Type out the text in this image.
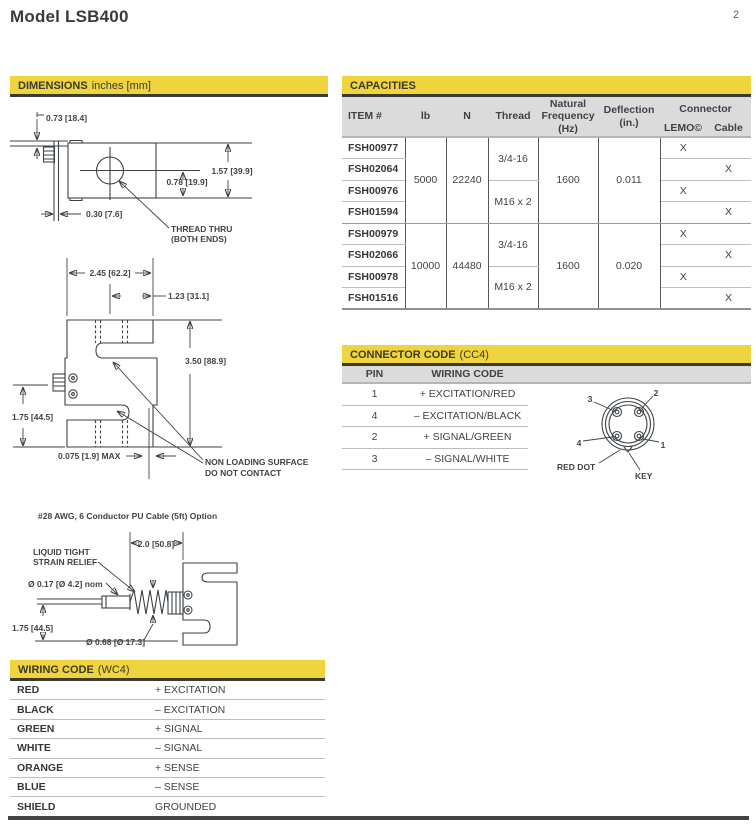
Model LSB400	2
DIMENSIONS inches [mm]
0.73 [18.4]
1.57 [39.9]
0.78 [19.9]
0.30 [7.6]
THREAD THRU
(BOTH ENDS)
2.45 [62.2]
1.23 [31.1]
3.50 [88.9]
1.75 [44.5]
0.075 [1.9] MAX
NON LOADING SURFACE
DO NOT CONTACT
#28 AWG, 6 Conductor PU Cable (5ft) Option
LIQUID TIGHT
STRAIN RELIEF
Ø 0.17 [Ø 4.2] nom
2.0 [50.8]
1.75 [44.5]
Ø 0.68 [Ø 17.3]
CAPACITIES
ITEM #	lb	N	Thread	Natural Frequency (Hz)	Deflection (in.)	Connector	
						LEMO©	Cable
FSH00977	5000	22240	3/4-16	1600	0.011	X	
FSH02064							X
FSH00976			M16 x 2			X	
FSH01594							X
FSH00979	10000	44480	3/4-16	1600	0.020	X	
FSH02066							X
FSH00978			M16 x 2			X	
FSH01516							X
CONNECTOR CODE (CC4)
PIN	WIRING CODE
1	+ EXCITATION/RED
4	– EXCITATION/BLACK
2	+ SIGNAL/GREEN
3	– SIGNAL/WHITE
3
2
4	1
RED DOT
KEY
WIRING CODE (WC4)
RED	+ EXCITATION
BLACK	– EXCITATION
GREEN	+ SIGNAL
WHITE	– SIGNAL
ORANGE	+ SENSE
BLUE	– SENSE
SHIELD	GROUNDED
